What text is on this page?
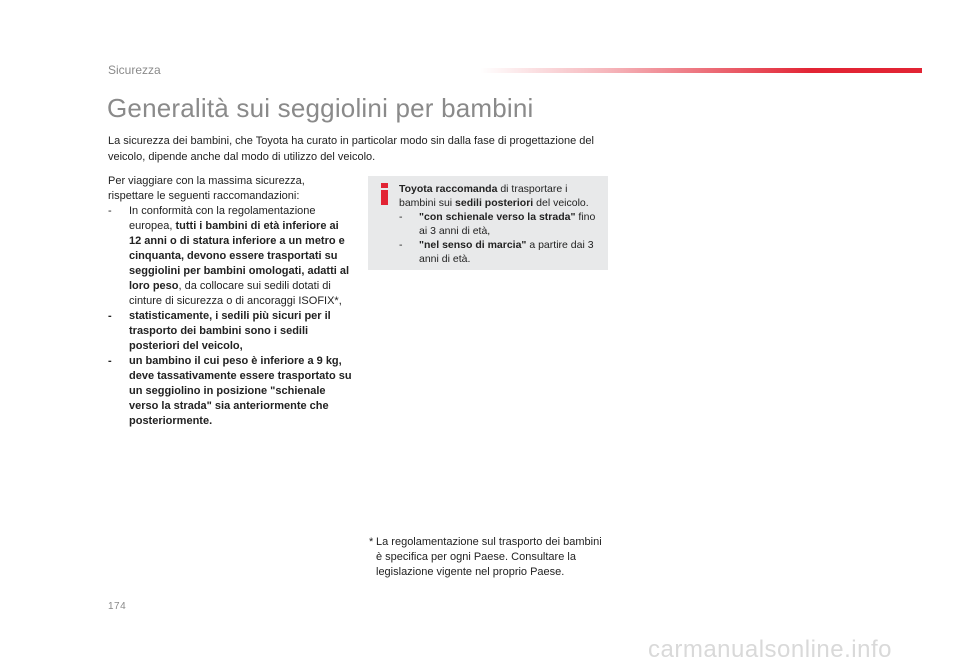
Sicurezza
Generalità sui seggiolini per bambini
La sicurezza dei bambini, che Toyota ha curato in particolar modo sin dalla fase di progettazione del veicolo, dipende anche dal modo di utilizzo del veicolo.

Per viaggiare con la massima sicurezza, rispettare le seguenti raccomandazioni:

- In conformità con la regolamentazione europea, tutti i bambini di età inferiore ai 12 anni o di statura inferiore a un metro e cinquanta, devono essere trasportati su seggiolini per bambini omologati, adatti al loro peso, da collocare sui sedili dotati di cinture di sicurezza o di ancoraggi ISOFIX*,
- statisticamente, i sedili più sicuri per il trasporto dei bambini sono i sedili posteriori del veicolo,
- un bambino il cui peso è inferiore a 9 kg, deve tassativamente essere trasportato su un seggiolino in posizione "schienale verso la strada" sia anteriormente che posteriormente.

Toyota raccomanda di trasportare i bambini sui sedili posteriori del veicolo.

- "con schienale verso la strada" fino ai 3 anni di età,
- "nel senso di marcia" a partire dai 3 anni di età.
* La regolamentazione sul trasporto dei bambini è specifica per ogni Paese. Consultare la legislazione vigente nel proprio Paese.
174
carmanualsonline.info
